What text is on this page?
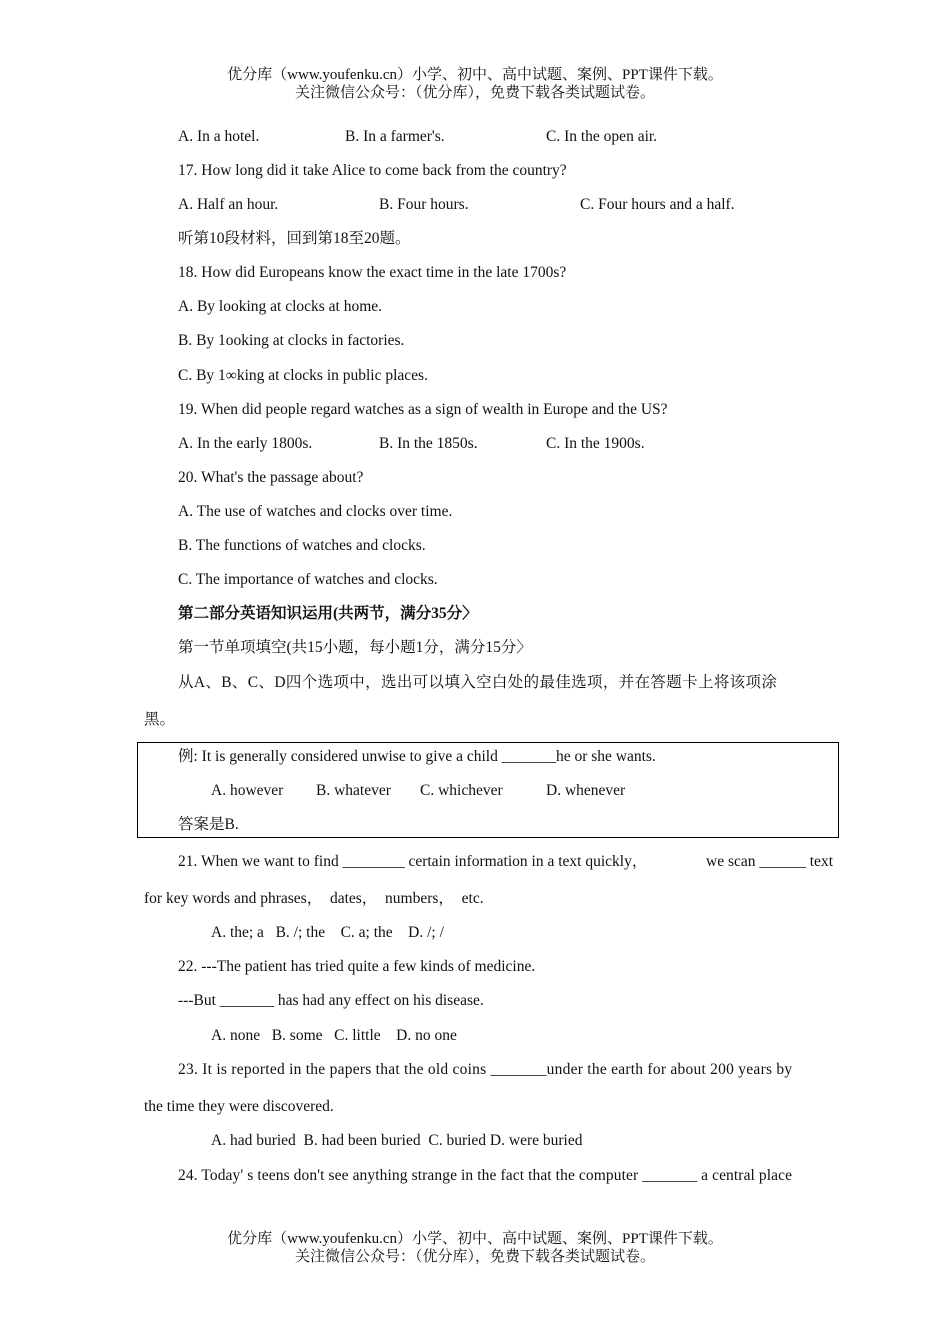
优分库（www.youfenku.cn）小学、初中、高中试题、案例、PPT课件下载。
关注微信公众号：（优分库），免费下载各类试题试卷。
A. In a hotel.	B. In a farmer's.	C. In the open air.
17. How long did it take Alice to come back from the country?
A. Half an hour.	B. Four hours.	C. Four hours and a half.
听第10段材料，回到第18至20题。
18. How did Europeans know the exact time in the late 1700s?
A. By looking at clocks at home.
B. By 1ooking at clocks in factories.
C. By 1∞king at clocks in public places.
19. When did people regard watches as a sign of wealth in Europe and the US?
A. In the early 1800s.	B. In the 1850s.	C. In the 1900s.
20. What's the passage about?
A. The use of watches and clocks over time.
B. The functions of watches and clocks.
C. The importance of watches and clocks.
第二部分英语知识运用(共两节，满分35分〉
第一节单项填空(共15小题，每小题1分，满分15分〉
从A、B、C、D四个选项中，选出可以填入空白处的最佳选项，并在答题卡上将该项涂
黑。
例: It is generally considered unwise to give a child _______he or she wants.
A. however B. whatever C. whichever	D. whenever
答案是B.
21. When we want to find ________ certain information in a text quickly，	we scan ______ text
for key words and phrases，  dates，  numbers，  etc.
A. the; a   B. /; the    C. a; the    D. /; /
22. ---The patient has tried quite a few kinds of medicine.
---But _______ has had any effect on his disease.
A. none   B. some   C. little    D. no one
23. It is reported in the papers that the old coins _______under the earth for about 200 years by
the time they were discovered.
A. had buried  B. had been buried  C. buried D. were buried
24. Today' s teens don't see anything strange in the fact that the computer _______ a central place
优分库（www.youfenku.cn）小学、初中、高中试题、案例、PPT课件下载。
关注微信公众号：（优分库），免费下载各类试题试卷。
